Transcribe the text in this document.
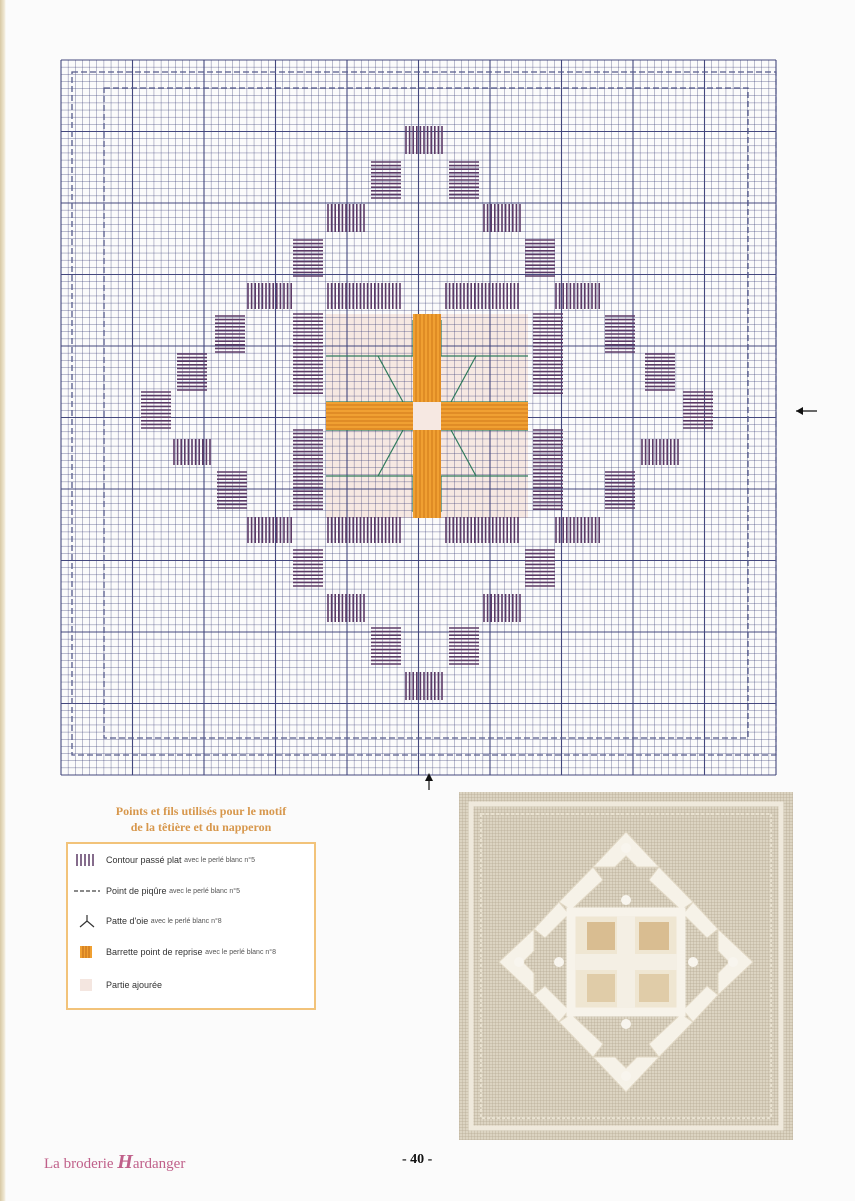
Points et fils utilisés pour le motif
de la têtière et du napperon
Contour passé plat
avec le perlé blanc n°5
Point de piqûre
avec le perlé blanc n°5
Patte d'oie
avec le perlé blanc n°8
Barrette point de reprise
avec le perlé blanc n°8
Partie ajourée
La broderie Hardanger	- 40 -
